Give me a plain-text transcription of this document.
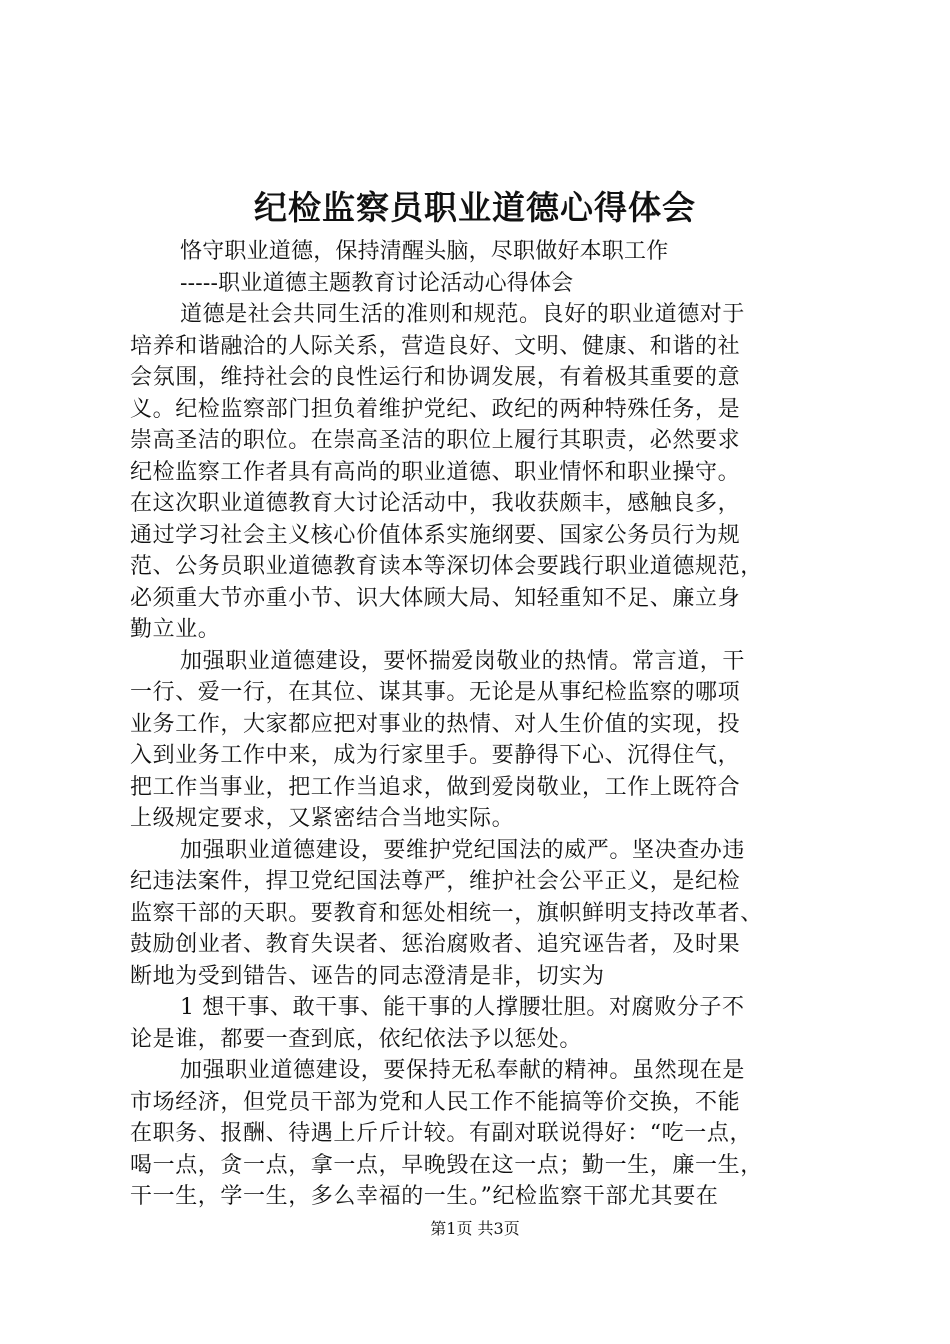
纪检监察员职业道德心得体会
恪守职业道德，保持清醒头脑，尽职做好本职工作
-----职业道德主题教育讨论活动心得体会
道德是社会共同生活的准则和规范。良好的职业道德对于
培养和谐融洽的人际关系，营造良好、文明、健康、和谐的社
会氛围，维持社会的良性运行和协调发展，有着极其重要的意
义。纪检监察部门担负着维护党纪、政纪的两种特殊任务，是
崇高圣洁的职位。在崇高圣洁的职位上履行其职责，必然要求
纪检监察工作者具有高尚的职业道德、职业情怀和职业操守。
在这次职业道德教育大讨论活动中，我收获颇丰，感触良多，
通过学习社会主义核心价值体系实施纲要、国家公务员行为规
范、公务员职业道德教育读本等深切体会要践行职业道德规范，
必须重大节亦重小节、识大体顾大局、知轻重知不足、廉立身
勤立业。
加强职业道德建设，要怀揣爱岗敬业的热情。常言道，干
一行、爱一行，在其位、谋其事。无论是从事纪检监察的哪项
业务工作，大家都应把对事业的热情、对人生价值的实现，投
入到业务工作中来，成为行家里手。要静得下心、沉得住气，
把工作当事业，把工作当追求，做到爱岗敬业，工作上既符合
上级规定要求，又紧密结合当地实际。
加强职业道德建设，要维护党纪国法的威严。坚决查办违
纪违法案件，捍卫党纪国法尊严，维护社会公平正义，是纪检
监察干部的天职。要教育和惩处相统一，旗帜鲜明支持改革者、
鼓励创业者、教育失误者、惩治腐败者、追究诬告者，及时果
断地为受到错告、诬告的同志澄清是非，切实为
1 想干事、敢干事、能干事的人撑腰壮胆。对腐败分子不
论是谁，都要一查到底，依纪依法予以惩处。
加强职业道德建设，要保持无私奉献的精神。虽然现在是
市场经济，但党员干部为党和人民工作不能搞等价交换，不能
在职务、报酬、待遇上斤斤计较。有副对联说得好：“吃一点，
喝一点，贪一点，拿一点，早晚毁在这一点；勤一生，廉一生，
干一生，学一生，多么幸福的一生。”纪检监察干部尤其要在
第1页 共3页
